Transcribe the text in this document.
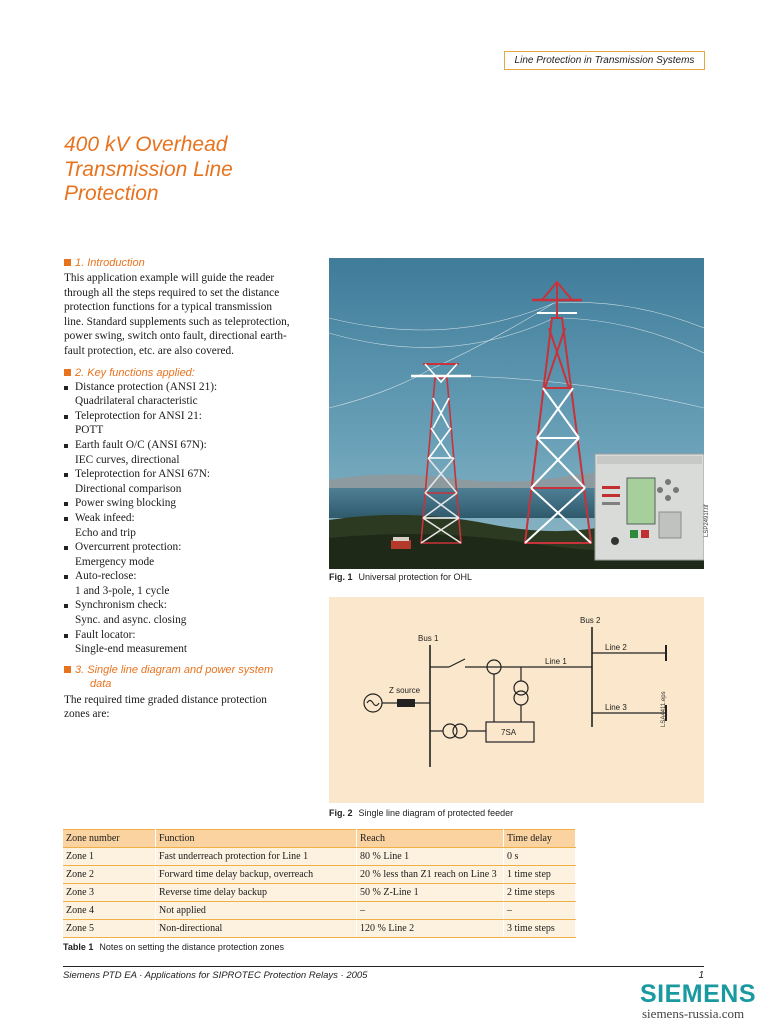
Line Protection in Transmission Systems
400 kV Overhead
Transmission Line
Protection
1. Introduction
This application example will guide the reader
through all the steps required to set the distance
protection functions for a typical transmission
line. Standard supplements such as teleprotection,
power swing, switch onto fault, directional earth-
fault protection, etc. are also covered.
2. Key functions applied:
Distance protection (ANSI 21):
Quadrilateral characteristic
Teleprotection for ANSI 21:
POTT
Earth fault O/C (ANSI 67N):
IEC curves, directional
Teleprotection for ANSI 67N:
Directional comparison
Power swing blocking
Weak infeed:
Echo and trip
Overcurrent protection:
Emergency mode
Auto-reclose:
1 and 3-pole, 1 cycle
Synchronism check:
Sync. and async. closing
Fault locator:
Single-end measurement
3. Single line diagram and power system
data
The required time graded distance protection
zones are:
LSP2491f.tif
Fig. 1 Universal protection for OHL
Bus 1
Bus 2
Line 1
Line 2
Line 3
Z source
7SA
LSA4411.eps
Fig. 2 Single line diagram of protected feeder
Zone number	Function	Reach	Time delay
Zone 1	Fast underreach protection for Line 1	80 % Line 1	0 s
Zone 2	Forward time delay backup, overreach	20 % less than Z1 reach on Line 3	1 time step
Zone 3	Reverse time delay backup	50 % Z-Line 1	2 time steps
Zone 4	Not applied	–	–
Zone 5	Non-directional	120 % Line 2	3 time steps
Table 1 Notes on setting the distance protection zones
Siemens PTD EA · Applications for SIPROTEC Protection Relays · 2005	1
SIEMENS
siemens-russia.com
